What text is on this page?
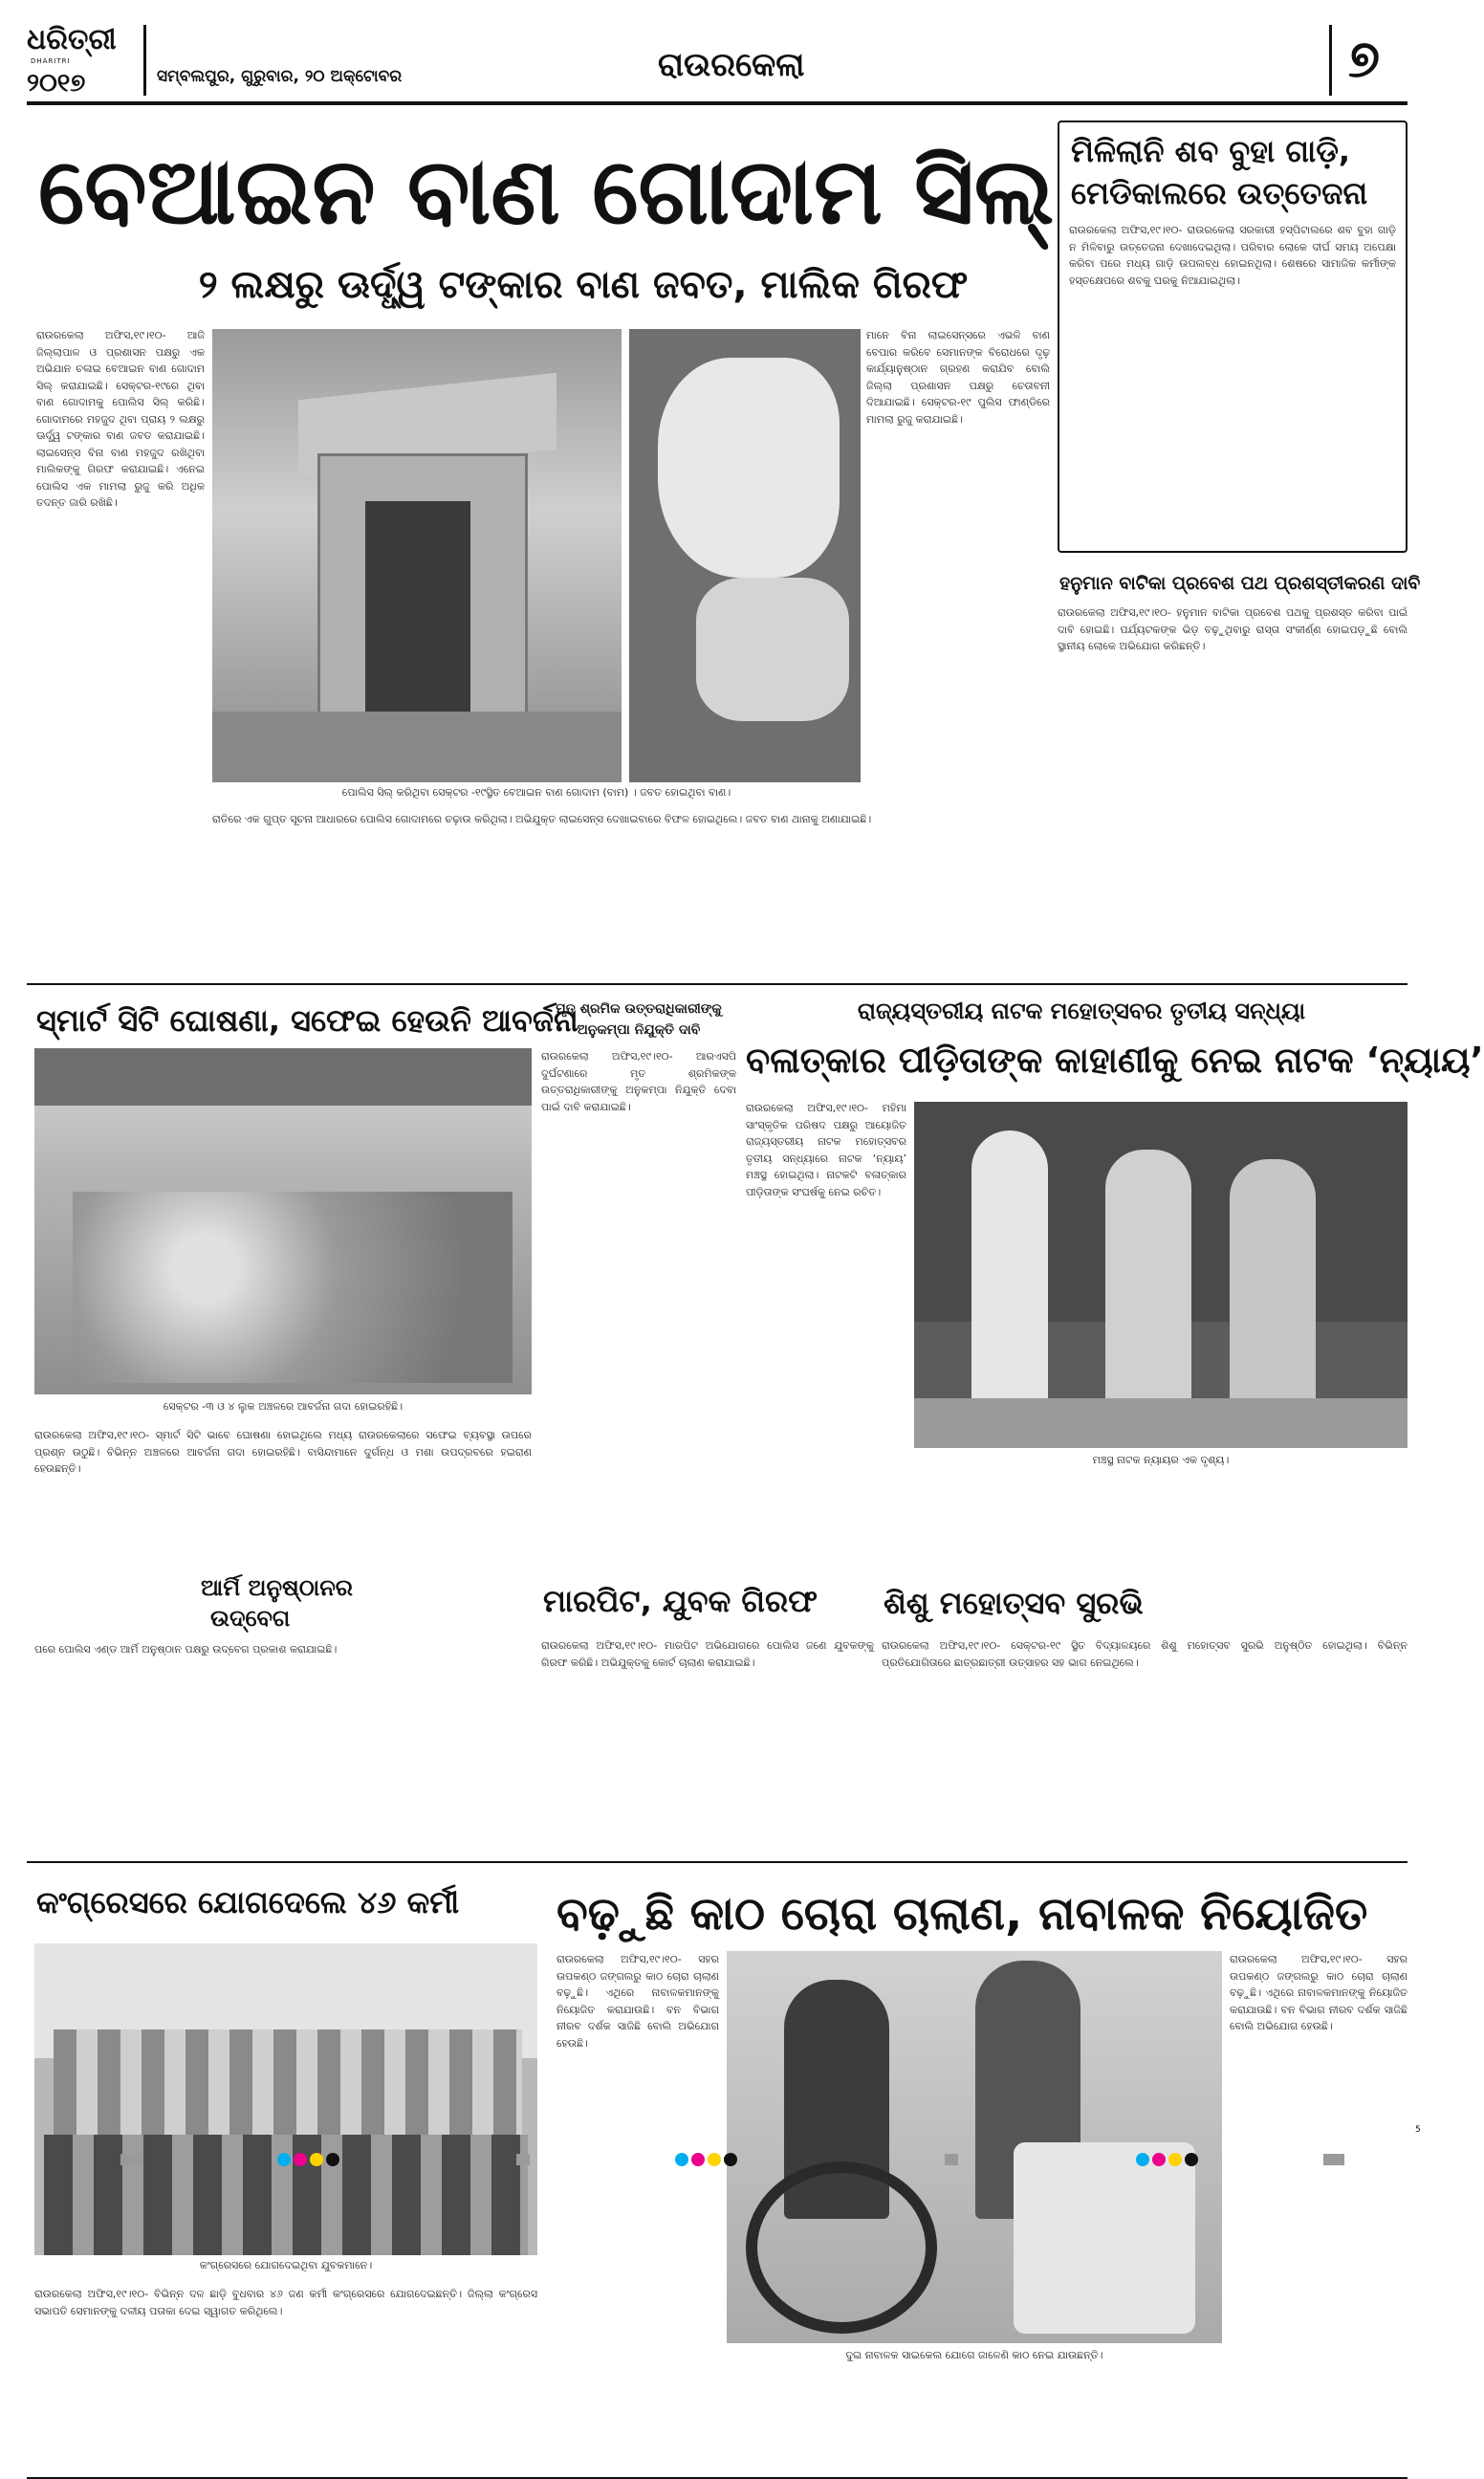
ଧରିତ୍ରୀ
DHARITRI
୨୦୧୭	ସମ୍ବଲପୁର, ଗୁରୁବାର, ୨୦ ଅକ୍ଟୋବର	ରାଉରକେଲା	୭
ବେଆଇନ ବାଣ ଗୋଦାମ ସିଲ୍
୨ ଲକ୍ଷରୁ ଊର୍ଦ୍ଧ୍ୱ ଟଙ୍କାର ବାଣ ଜବତ, ମାଲିକ ଗିରଫ
ରାଉରକେଲା ଅଫିସ,୧୯।୧୦- ଆଜି ଜିଲ୍ଲାପାଳ ଓ ପ୍ରଶାସନ ପକ୍ଷରୁ ଏକ ଅଭିଯାନ ଚଳାଇ ବେଆଇନ ବାଣ ଗୋଦାମ ସିଲ୍ କରାଯାଇଛି। ସେକ୍ଟର-୧୯ରେ ଥିବା ବାଣ ଗୋଦାମକୁ ପୋଲିସ ସିଲ୍ କରିଛି। ଗୋଦାମରେ ମହଜୁଦ ଥିବା ପ୍ରାୟ ୨ ଲକ୍ଷରୁ ଊର୍ଦ୍ଧ୍ୱ ଟଙ୍କାର ବାଣ ଜବତ କରାଯାଇଛି। ଲାଇସେନ୍ସ ବିନା ବାଣ ମହଜୁଦ ରଖିଥିବା ମାଲିକଙ୍କୁ ଗିରଫ କରାଯାଇଛି। ଏନେଇ ପୋଲିସ ଏକ ମାମଲା ରୁଜୁ କରି ଅଧିକ ତଦନ୍ତ ଜାରି ରଖିଛି।
ପୋଲିସ ସିଲ୍ କରିଥିବା ସେକ୍ଟର -୧୯ସ୍ଥିତ ବେଆଇନ ବାଣ ଗୋଦାମ (ବାମ) । ଜବତ ହୋଇଥିବା ବାଣ।
ମାନେ ବିନା ଲାଇସେନ୍ସରେ ଏଭଳି ବାଣ ବେପାର କରିବେ ସେମାନଙ୍କ ବିରୋଧରେ ଦୃଢ଼ କାର୍ଯ୍ୟାନୁଷ୍ଠାନ ଗ୍ରହଣ କରାଯିବ ବୋଲି ଜିଲ୍ଲା ପ୍ରଶାସନ ପକ୍ଷରୁ ଚେତାବନୀ ଦିଆଯାଇଛି। ସେକ୍ଟର-୧୯ ପୁଲିସ ଫାଣ୍ଡିରେ ମାମଲା ରୁଜୁ କରାଯାଇଛି।
ରାତିରେ ଏକ ଗୁପ୍ତ ସୂଚନା ଆଧାରରେ ପୋଲିସ ଗୋଦାମରେ ଚଢ଼ାଉ କରିଥିଲା। ଅଭିଯୁକ୍ତ ଲାଇସେନ୍ସ ଦେଖାଇବାରେ ବିଫଳ ହୋଇଥିଲେ। ଜବତ ବାଣ ଥାନାକୁ ଅଣାଯାଇଛି।
ମିଳିଲାନି ଶବ ବୁହା ଗାଡ଼ି,
ମେଡିକାଲରେ ଉତ୍ତେଜନା
ରାଉରକେଲା ଅଫିସ,୧୯।୧୦- ରାଉରକେଲା ସରକାରୀ ହସ୍ପିଟାଲରେ ଶବ ବୁହା ଗାଡ଼ି ନ ମିଳିବାରୁ ଉତ୍ତେଜନା ଦେଖାଦେଇଥିଲା। ପରିବାର ଲୋକେ ଦୀର୍ଘ ସମୟ ଅପେକ୍ଷା କରିବା ପରେ ମଧ୍ୟ ଗାଡ଼ି ଉପଲବ୍ଧ ହୋଇନଥିଲା। ଶେଷରେ ସାମାଜିକ କର୍ମୀଙ୍କ ହସ୍ତକ୍ଷେପରେ ଶବକୁ ଘରକୁ ନିଆଯାଇଥିଲା।
ହନୁମାନ ବାଟିକା ପ୍ରବେଶ ପଥ ପ୍ରଶସ୍ତୀକରଣ ଦାବି
ରାଉରକେଲା ଅଫିସ,୧୯।୧୦- ହନୁମାନ ବାଟିକା ପ୍ରବେଶ ପଥକୁ ପ୍ରଶସ୍ତ କରିବା ପାଇଁ ଦାବି ହୋଇଛି। ପର୍ଯ୍ୟଟକଙ୍କ ଭିଡ଼ ବଢ଼ୁଥିବାରୁ ରାସ୍ତା ସଂକୀର୍ଣ୍ଣ ହୋଇପଡ଼ୁଛି ବୋଲି ସ୍ଥାନୀୟ ଲୋକେ ଅଭିଯୋଗ କରିଛନ୍ତି।
ସ୍ମାର୍ଟ ସିଟି ଘୋଷଣା, ସଫେଇ ହେଉନି ଆବର୍ଜନା
ସେକ୍ଟର -୩ ଓ ୪ ଲୁକ ଅଞ୍ଚଳରେ ଆବର୍ଜନା ଗଦା ହୋଇରହିଛି।
ରାଉରକେଲା ଅଫିସ,୧୯।୧୦- ସ୍ମାର୍ଟ ସିଟି ଭାବେ ଘୋଷଣା ହୋଇଥିଲେ ମଧ୍ୟ ରାଉରକେଲାରେ ସଫେଇ ବ୍ୟବସ୍ଥା ଉପରେ ପ୍ରଶ୍ନ ଉଠୁଛି। ବିଭିନ୍ନ ଅଞ୍ଚଳରେ ଆବର୍ଜନା ଗଦା ହୋଇରହିଛି। ବାସିନ୍ଦାମାନେ ଦୁର୍ଗନ୍ଧ ଓ ମଶା ଉପଦ୍ରବରେ ହଇରାଣ ହେଉଛନ୍ତି।
ଆର୍ମି ଅନୁଷ୍ଠାନର
ଉଦ୍‌ବେଗ
ପରେ ପୋଲିସ ଏଣ୍ଡ ଆର୍ମି ଅନୁଷ୍ଠାନ ପକ୍ଷରୁ ଉଦ୍‌ବେଗ ପ୍ରକାଶ କରାଯାଇଛି।
ମୃତ ଶ୍ରମିକ ଉତ୍ତରାଧିକାରୀଙ୍କୁ
ଅନୁକମ୍ପା ନିଯୁକ୍ତି ଦାବି
ରାଉରକେଲା ଅଫିସ,୧୯।୧୦- ଆରଏସପି ଦୁର୍ଘଟଣାରେ ମୃତ ଶ୍ରମିକଙ୍କ ଉତ୍ତରାଧିକାରୀଙ୍କୁ ଅନୁକମ୍ପା ନିଯୁକ୍ତି ଦେବା ପାଇଁ ଦାବି କରାଯାଇଛି।
ରାଜ୍ୟସ୍ତରୀୟ ନାଟକ ମହୋତ୍ସବର ତୃତୀୟ ସନ୍ଧ୍ୟା
ବଳାତ୍କାର ପୀଡ଼ିତାଙ୍କ କାହାଣୀକୁ ନେଇ ନାଟକ ‘ନ୍ୟାୟ’
ରାଉରକେଲା ଅଫିସ,୧୯।୧୦- ମହିମା ସାଂସ୍କୃତିକ ପରିଷଦ ପକ୍ଷରୁ ଆୟୋଜିତ ରାଜ୍ୟସ୍ତରୀୟ ନାଟକ ମହୋତ୍ସବର ତୃତୀୟ ସନ୍ଧ୍ୟାରେ ନାଟକ ‘ନ୍ୟାୟ’ ମଞ୍ଚସ୍ଥ ହୋଇଥିଲା। ନାଟକଟି ବଳାତ୍କାର ପୀଡ଼ିତାଙ୍କ ସଂଘର୍ଷକୁ ନେଇ ରଚିତ।
ମଞ୍ଚସ୍ଥ ନାଟକ ନ୍ୟାୟର ଏକ ଦୃଶ୍ୟ।
ମାରପିଟ, ଯୁବକ ଗିରଫ
ରାଉରକେଲା ଅଫିସ,୧୯।୧୦- ମାରପିଟ ଅଭିଯୋଗରେ ପୋଲିସ ଜଣେ ଯୁବକଙ୍କୁ ଗିରଫ କରିଛି। ଅଭିଯୁକ୍ତକୁ କୋର୍ଟ ଚାଲାଣ କରାଯାଇଛି।
ଶିଶୁ ମହୋତ୍ସବ ସୁରଭି
ରାଉରକେଲା ଅଫିସ,୧୯।୧୦- ସେକ୍ଟର-୧୯ ସ୍ଥିତ ବିଦ୍ୟାଳୟରେ ଶିଶୁ ମହୋତ୍ସବ ସୁରଭି ଅନୁଷ୍ଠିତ ହୋଇଥିଲା। ବିଭିନ୍ନ ପ୍ରତିଯୋଗିତାରେ ଛାତ୍ରଛାତ୍ରୀ ଉତ୍ସାହର ସହ ଭାଗ ନେଇଥିଲେ।
କଂଗ୍ରେସରେ ଯୋଗଦେଲେ ୪୬ କର୍ମୀ
କଂଗ୍ରେସରେ ଯୋଗଦେଇଥିବା ଯୁବକମାନେ।
ରାଉରକେଲା ଅଫିସ,୧୯।୧୦- ବିଭିନ୍ନ ଦଳ ଛାଡ଼ି ବୁଧବାର ୪୬ ଜଣ କର୍ମୀ କଂଗ୍ରେସରେ ଯୋଗଦେଇଛନ୍ତି। ଜିଲ୍ଲା କଂଗ୍ରେସ ସଭାପତି ସେମାନଙ୍କୁ ଦଳୀୟ ପତାକା ଦେଇ ସ୍ୱାଗତ କରିଥିଲେ।
ବଢ଼ୁଛି କାଠ ଚୋରା ଚାଲାଣ, ନାବାଳକ ନିୟୋଜିତ
ରାଉରକେଲା ଅଫିସ,୧୯।୧୦- ସହର ଉପକଣ୍ଠ ଜଙ୍ଗଲରୁ କାଠ ଚୋରା ଚାଲାଣ ବଢ଼ୁଛି। ଏଥିରେ ନାବାଳକମାନଙ୍କୁ ନିୟୋଜିତ କରାଯାଉଛି। ବନ ବିଭାଗ ନୀରବ ଦର୍ଶକ ସାଜିଛି ବୋଲି ଅଭିଯୋଗ ହେଉଛି।
ଦୁଇ ନାବାଳକ ସାଇକେଲ ଯୋଗେ ଜାଳେଣି କାଠ ନେଇ ଯାଉଛନ୍ତି।
ରାଉରକେଲା ଅଫିସ,୧୯।୧୦- ସହର ଉପକଣ୍ଠ ଜଙ୍ଗଲରୁ କାଠ ଚୋରା ଚାଲାଣ ବଢ଼ୁଛି। ଏଥିରେ ନାବାଳକମାନଙ୍କୁ ନିୟୋଜିତ କରାଯାଉଛି। ବନ ବିଭାଗ ନୀରବ ଦର୍ଶକ ସାଜିଛି ବୋଲି ଅଭିଯୋଗ ହେଉଛି।
5
